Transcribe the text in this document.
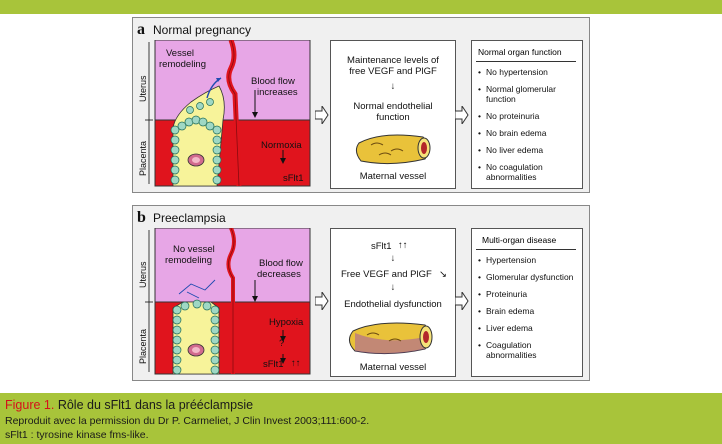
a Normal pregnancy
Uterus
Placenta
Vessel
remodeling
Blood flow
increases
Normoxia
sFlt1
Maintenance levels of
free VEGF and PlGF
↓
Normal endothelial
function
Maternal vessel
Normal organ function
• No hypertension
• Normal glomerular function
• No proteinuria
• No brain edema
• No liver edema
• No coagulation abnormalities
b Preeclampsia
Uterus
Placenta
No vessel
remodeling	Blood flow
decreases
Hypoxia
?
sFlt1 ↑↑
sFlt1 ↑↑
↓
Free VEGF and PlGF ↘
↓
Endothelial dysfunction
Maternal vessel
Multi-organ disease
• Hypertension
• Glomerular dysfunction
• Proteinuria
• Brain edema
• Liver edema
• Coagulation abnormalities
Figure 1. Rôle du sFlt1 dans la prééclampsie
Reproduit avec la permission du Dr P. Carmeliet, J Clin Invest 2003;111:600-2.
sFlt1 : tyrosine kinase fms-like.
